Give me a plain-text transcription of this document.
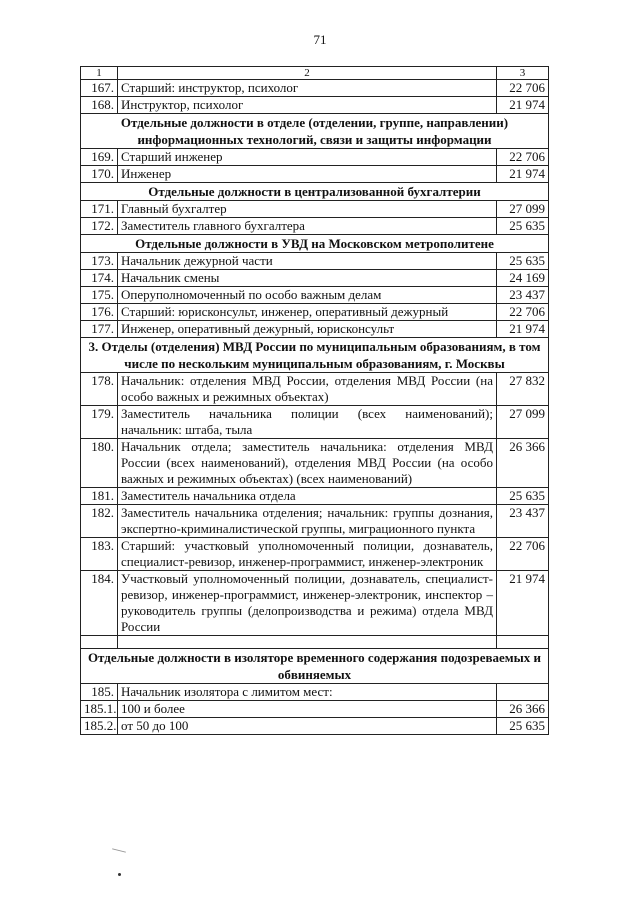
71
1	2	3
167.	Старший: инструктор, психолог	22 706
168.	Инструктор, психолог	21 974
Отдельные должности в отделе (отделении, группе, направлении) информационных технологий, связи и защиты информации		
169.	Старший инженер	22 706
170.	Инженер	21 974
Отдельные должности в централизованной бухгалтерии		
171.	Главный бухгалтер	27 099
172.	Заместитель главного бухгалтера	25 635
Отдельные должности в УВД на Московском метрополитене		
173.	Начальник дежурной части	25 635
174.	Начальник смены	24 169
175.	Оперуполномоченный по особо важным делам	23 437
176.	Старший: юрисконсульт, инженер, оперативный дежурный	22 706
177.	Инженер, оперативный дежурный, юрисконсульт	21 974
3. Отделы (отделения) МВД России по муниципальным образованиям, в том числе по нескольким муниципальным образованиям, г. Москвы		
178.	Начальник: отделения МВД России, отделения МВД России (на особо важных и режимных объектах)	27 832
179.	Заместитель начальника полиции (всех наименований); начальник: штаба, тыла	27 099
180.	Начальник отдела; заместитель начальника: отделения МВД России (всех наименований), отделения МВД России (на особо важных и режимных объектах) (всех наименований)	26 366
181.	Заместитель начальника отдела	25 635
182.	Заместитель начальника отделения; начальник: группы дознания, экспертно-криминалистической группы, миграционного пункта	23 437
183.	Старший: участковый уполномоченный полиции, дознаватель, специалист-ревизор, инженер-программист, инженер-электроник	22 706
184.	Участковый уполномоченный полиции, дознаватель, специалист-ревизор, инженер-программист, инженер-электроник, инспектор – руководитель группы (делопроизводства и режима) отдела МВД России	21 974

Отдельные должности в изоляторе временного содержания подозреваемых и обвиняемых		
185.	Начальник изолятора с лимитом мест:	
185.1.	100 и более	26 366
185.2.	от 50 до 100	25 635
